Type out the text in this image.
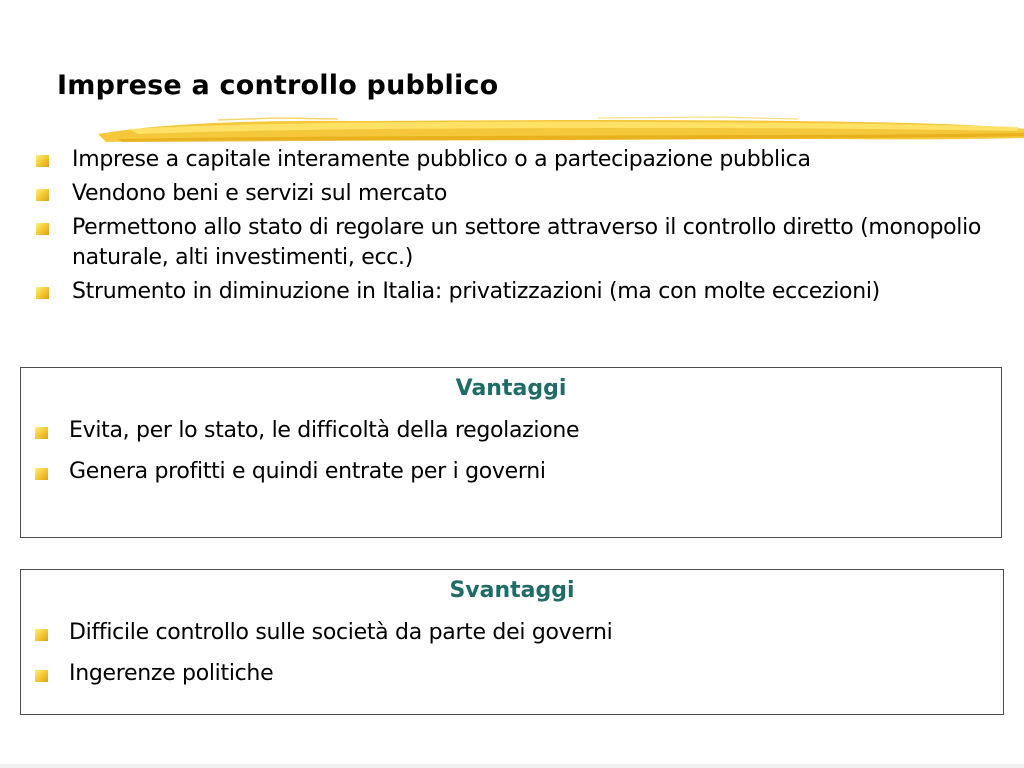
Imprese a controllo pubblico
Imprese a capitale interamente pubblico o a partecipazione pubblica
Vendono beni e servizi sul mercato
Permettono allo stato di regolare un settore attraverso il controllo diretto (monopolio naturale, alti investimenti, ecc.)
Strumento in diminuzione in Italia: privatizzazioni (ma con molte eccezioni)
Vantaggi
Evita, per lo stato, le difficoltà della regolazione
Genera profitti e quindi entrate per i governi
Svantaggi
Difficile controllo sulle società da parte dei governi
Ingerenze politiche
